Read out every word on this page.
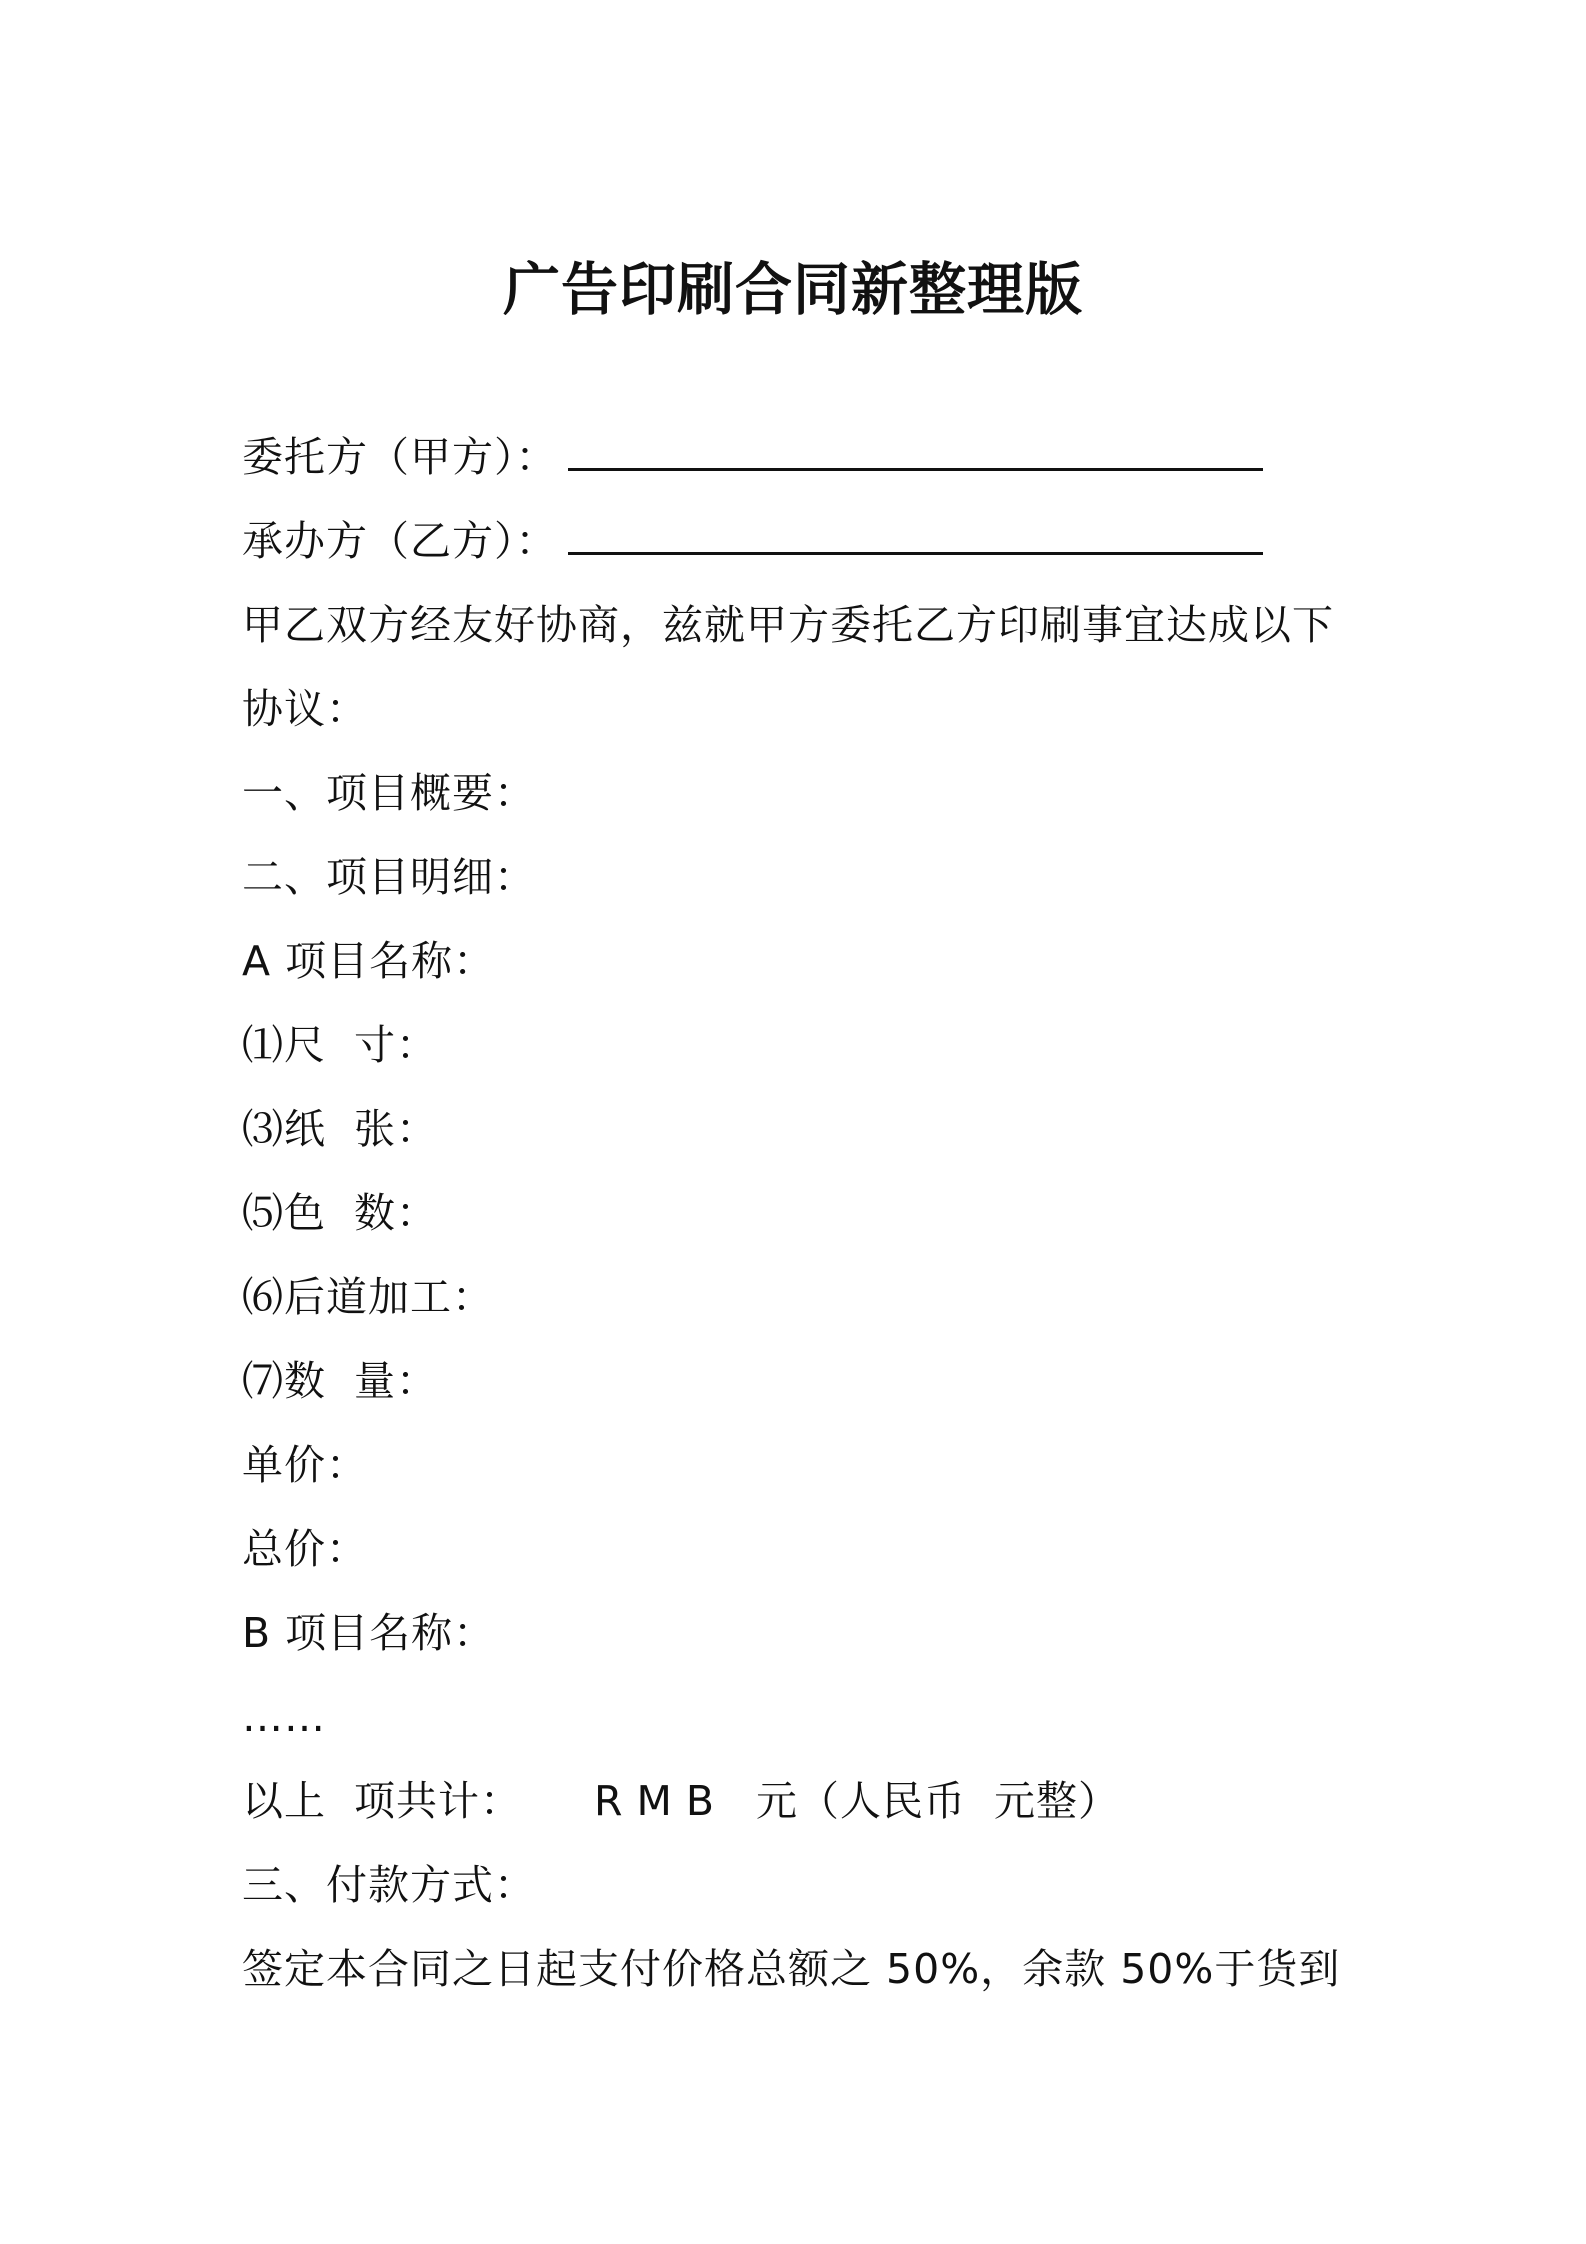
广告印刷合同新整理版
委托方（甲方）：
承办方（乙方）：
甲乙双方经友好协商，兹就甲方委托乙方印刷事宜达成以下
协议：
一、项目概要：
二、项目明细：
A 项目名称：
⑴尺 寸：
⑶纸 张：
⑸色 数：
⑹后道加工：
⑺数 量：
单价：
总价：
B 项目名称：
……
以上 项共计： RMB 元（人民币 元整）
三、付款方式：
签定本合同之日起支付价格总额之 50%，余款 50%于货到
